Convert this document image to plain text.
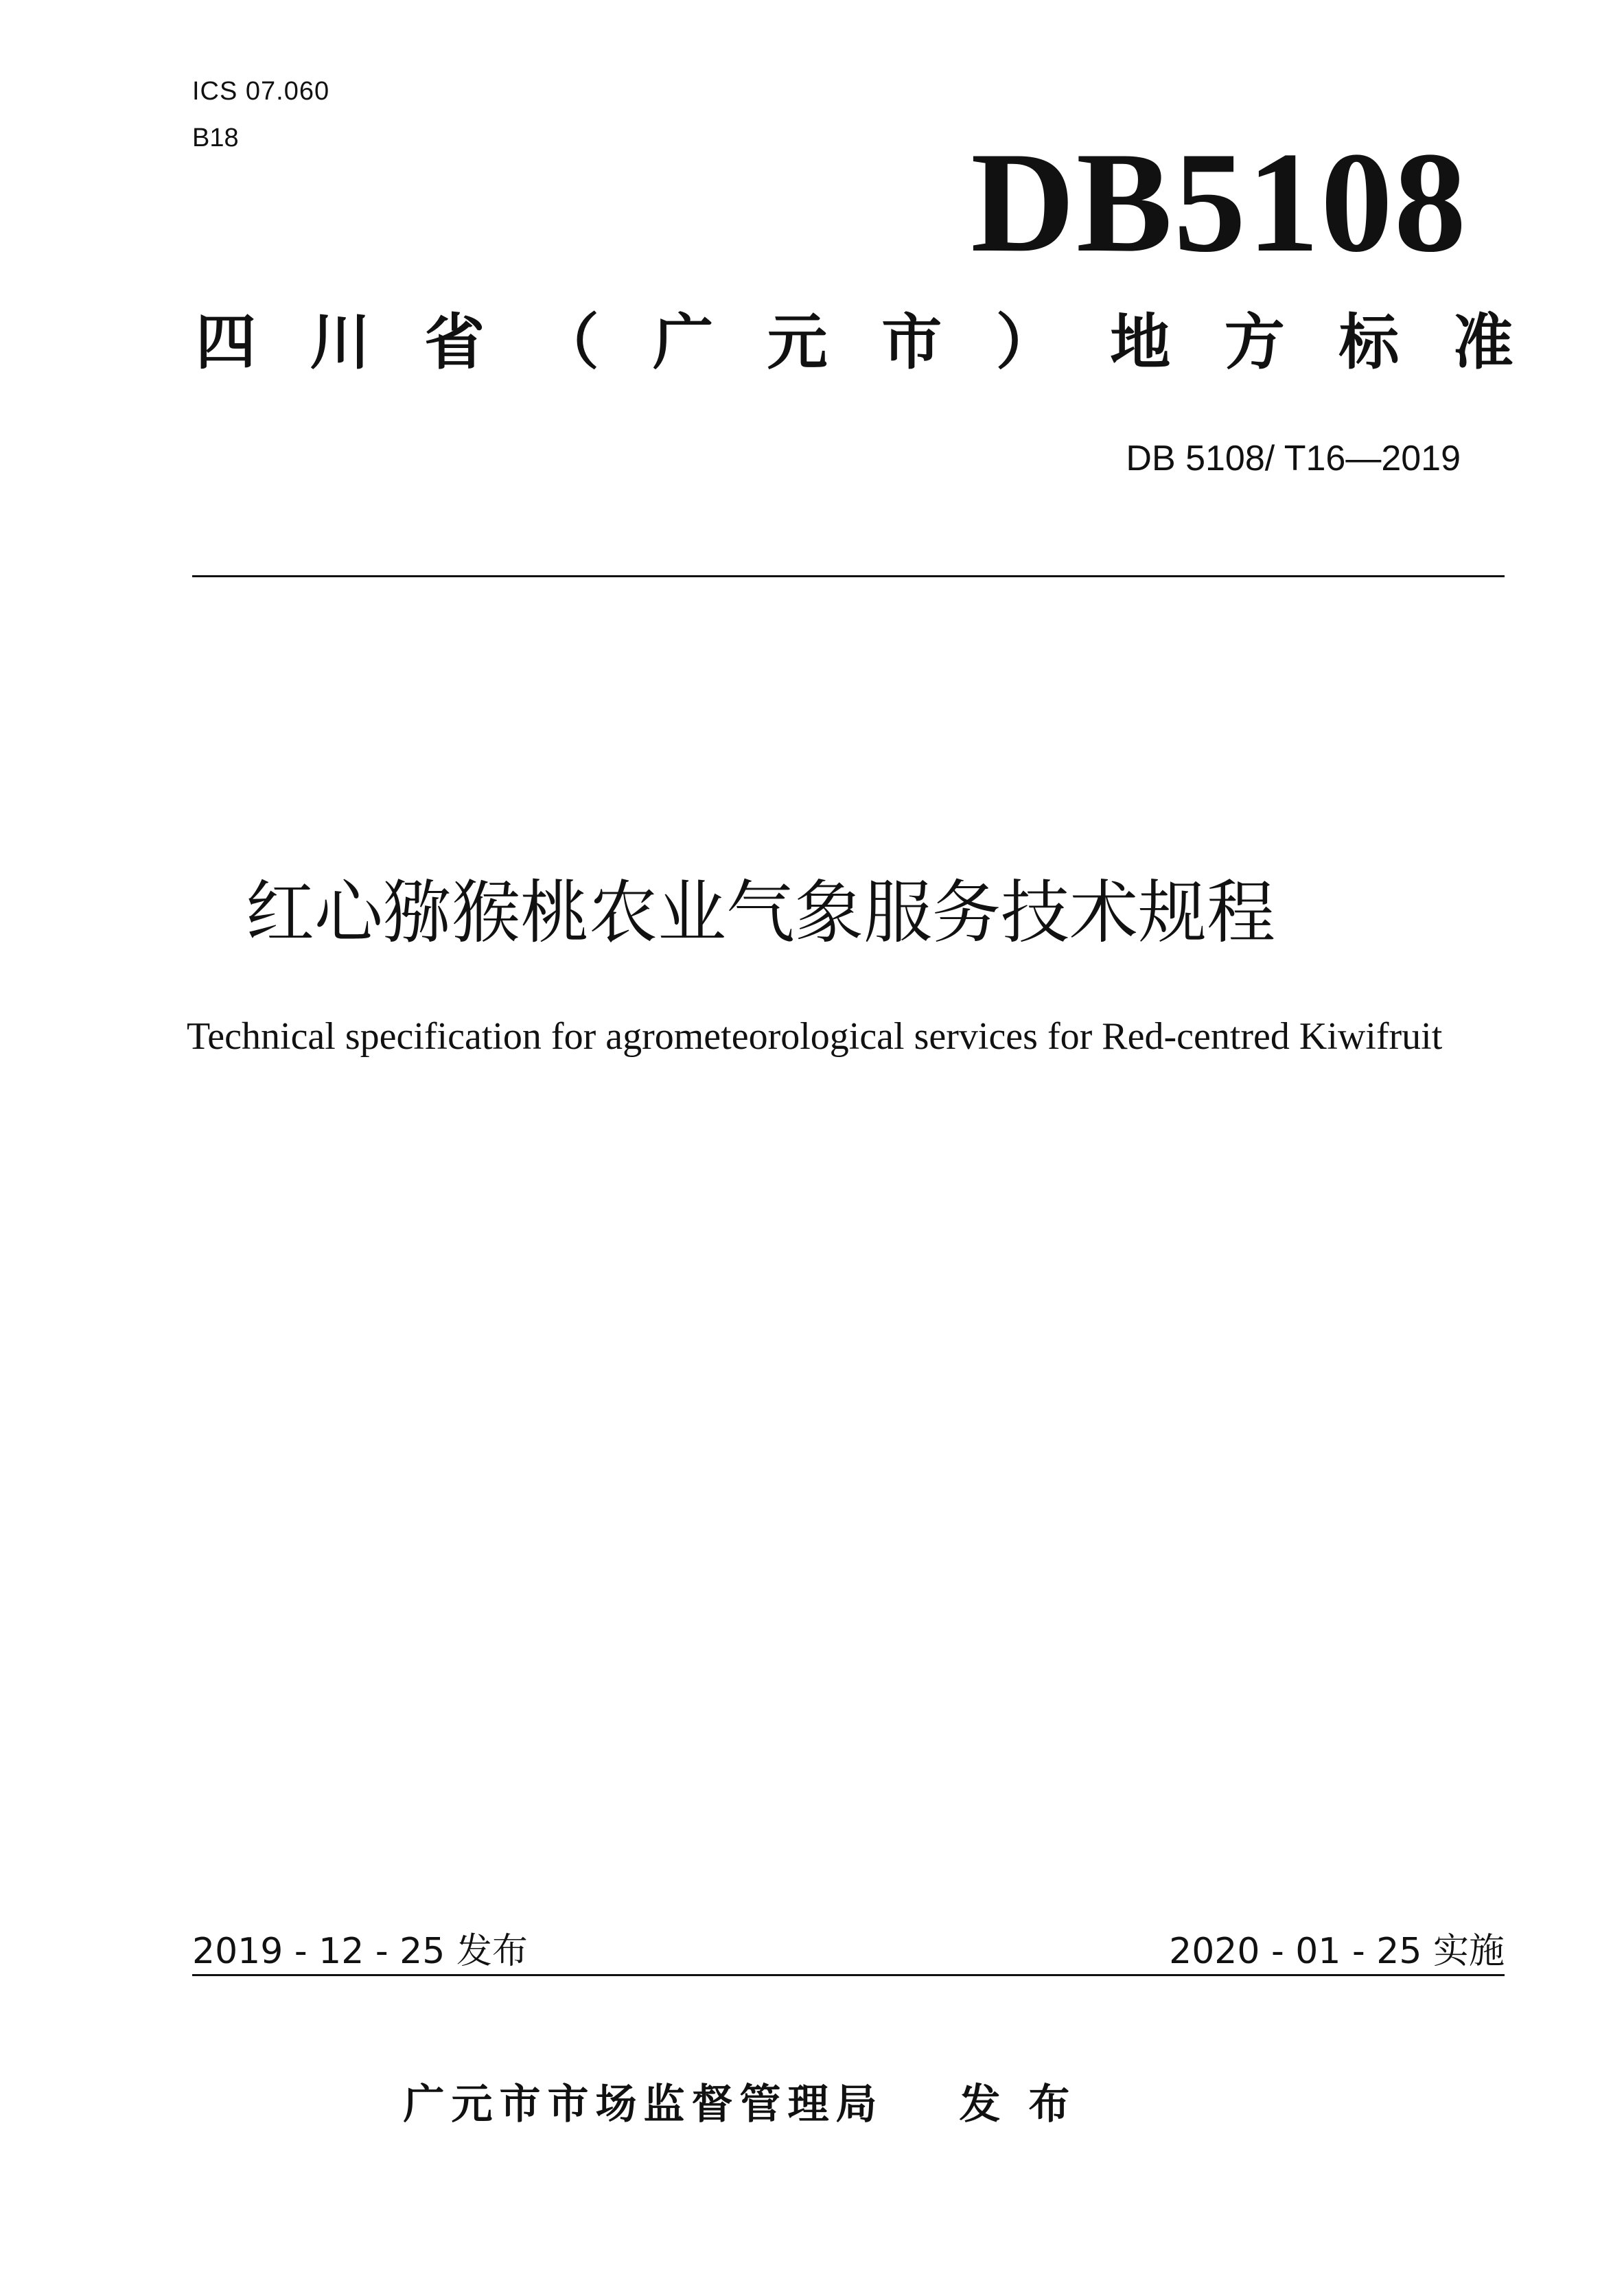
ICS 07.060
B18	DB5108
四 川 省 （ 广 元 市 ） 地 方 标 准
DB 5108/ T16—2019
红心猕猴桃农业气象服务技术规程
Technical specification for agrometeorological services for Red-centred Kiwifruit
2019 - 12 - 25 发布	2020 - 01 - 25 实施
广元市市场监督管理局 发 布
